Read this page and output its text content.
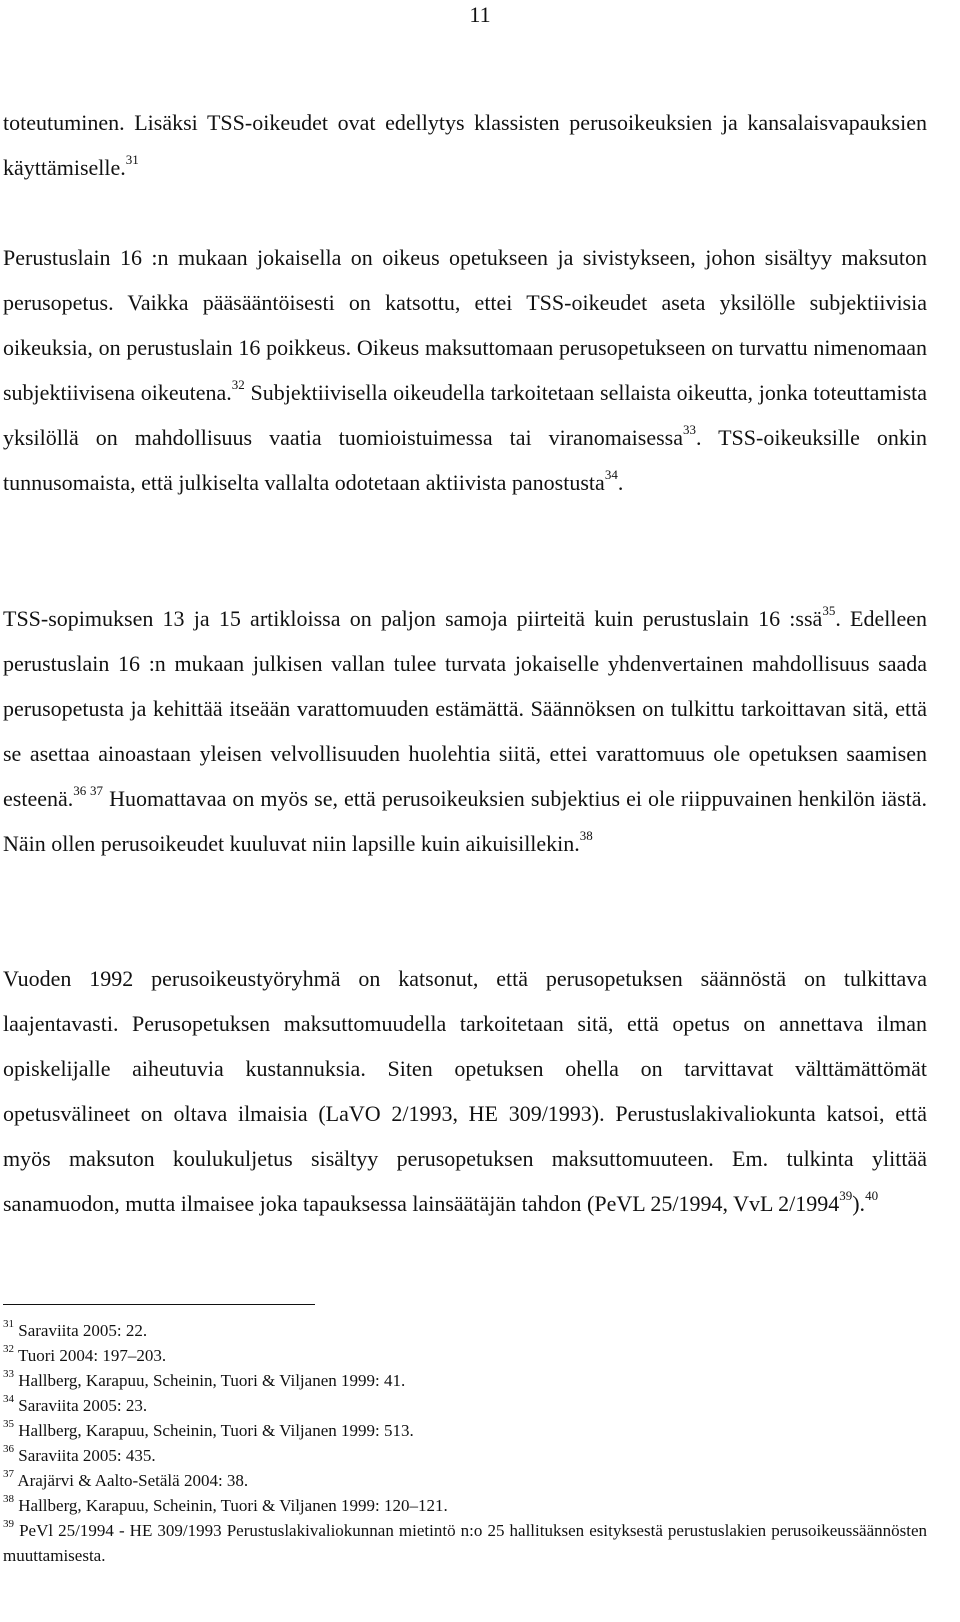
11

toteutuminen. Lisäksi TSS-oikeudet ovat edellytys klassisten perusoikeuksien ja kansalaisvapauksien käyttämiselle.$^{31}$

Perustuslain 16 :n mukaan jokaisella on oikeus opetukseen ja sivistykseen, johon sisältyy maksuton perusopetus. Vaikka pääsääntöisesti on katsottu, ettei TSS-oikeudet aseta yksilölle subjektiivisia oikeuksia, on perustuslain 16 poikkeus. Oikeus maksuttomaan perusopetukseen on turvattu nimenomaan subjektiivisena oikeutena.$^{32}$ Subjektiivisella oikeudella tarkoitetaan sellaista oikeutta, jonka toteuttamista yksilöllä on mahdollisuus vaatia tuomioistuimessa tai viranomaisessa$^{33}$. TSS-oikeuksille onkin tunnusomaista, että julkiselta vallalta odotetaan aktiivista panostusta$^{34}$.

TSS-sopimuksen 13 ja 15 artikloissa on paljon samoja piirteitä kuin perustuslain 16 :ssä$^{35}$. Edelleen perustuslain 16 :n mukaan julkisen vallan tulee turvata jokaiselle yhdenvertainen mahdollisuus saada perusopetusta ja kehittää itseään varattomuuden estämättä. Säännöksen on tulkittu tarkoittavan sitä, että se asettaa ainoastaan yleisen velvollisuuden huolehtia siitä, ettei varattomuus ole opetuksen saamisen esteenä.$^{36 37}$ Huomattavaa on myös se, että perusoikeuksien subjektius ei ole riippuvainen henkilön iästä. Näin ollen perusoikeudet kuuluvat niin lapsille kuin aikuisillekin.$^{38}$

Vuoden 1992 perusoikeustyöryhmä on katsonut, että perusopetuksen säännöstä on tulkittava laajentavasti. Perusopetuksen maksuttomuudella tarkoitetaan sitä, että opetus on annettava ilman opiskelijalle aiheutuvia kustannuksia. Siten opetuksen ohella on tarvittavat välttämättömät opetusvälineet on oltava ilmaisia (LaVO 2/1993, HE 309/1993). Perustuslakivaliokunta katsoi, että myös maksuton koulukuljetus sisältyy perusopetuksen maksuttomuuteen. Em. tulkinta ylittää sanamuodon, mutta ilmaisee joka tapauksessa lainsäätäjän tahdon (PeVL 25/1994, VvL 2/1994$^{39}$).$^{40}$

$^{31}$ Saraviita 2005: 22.

$^{32}$ Tuori 2004: 197–203.

$^{33}$ Hallberg, Karapuu, Scheinin, Tuori & Viljanen 1999: 41.

$^{34}$ Saraviita 2005: 23.

$^{35}$ Hallberg, Karapuu, Scheinin, Tuori & Viljanen 1999: 513.

$^{36}$ Saraviita 2005: 435.

$^{37}$ Arajärvi & Aalto-Setälä 2004: 38.

$^{38}$ Hallberg, Karapuu, Scheinin, Tuori & Viljanen 1999: 120–121.

$^{39}$ PeVl 25/1994 - HE 309/1993 Perustuslakivaliokunnan mietintö n:o 25 hallituksen esityksestä perustuslakien perusoikeussäännösten muuttamisesta.
